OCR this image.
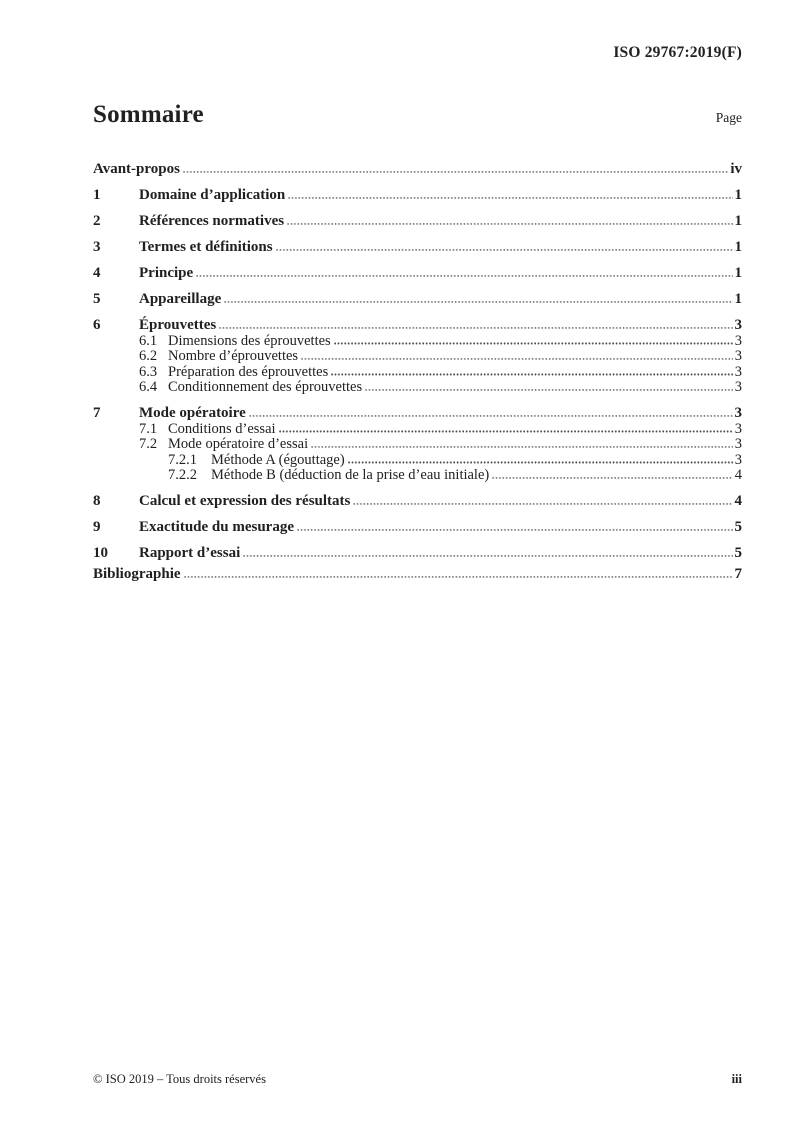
ISO 29767:2019(F)
Sommaire	Page
Avant-propos	iv
1	Domaine d’application	1
2	Références normatives	1
3	Termes et définitions	1
4	Principe	1
5	Appareillage	1
6	Éprouvettes	3
6.1 Dimensions des éprouvettes	3
6.2 Nombre d’éprouvettes	3
6.3 Préparation des éprouvettes	3
6.4 Conditionnement des éprouvettes	3
7	Mode opératoire	3
7.1 Conditions d’essai	3
7.2 Mode opératoire d’essai	3
7.2.1 Méthode A (égouttage)	3
7.2.2 Méthode B (déduction de la prise d’eau initiale)	4
8	Calcul et expression des résultats	4
9	Exactitude du mesurage	5
10	Rapport d’essai	5
Bibliographie	7
© ISO 2019 – Tous droits réservés	iii
